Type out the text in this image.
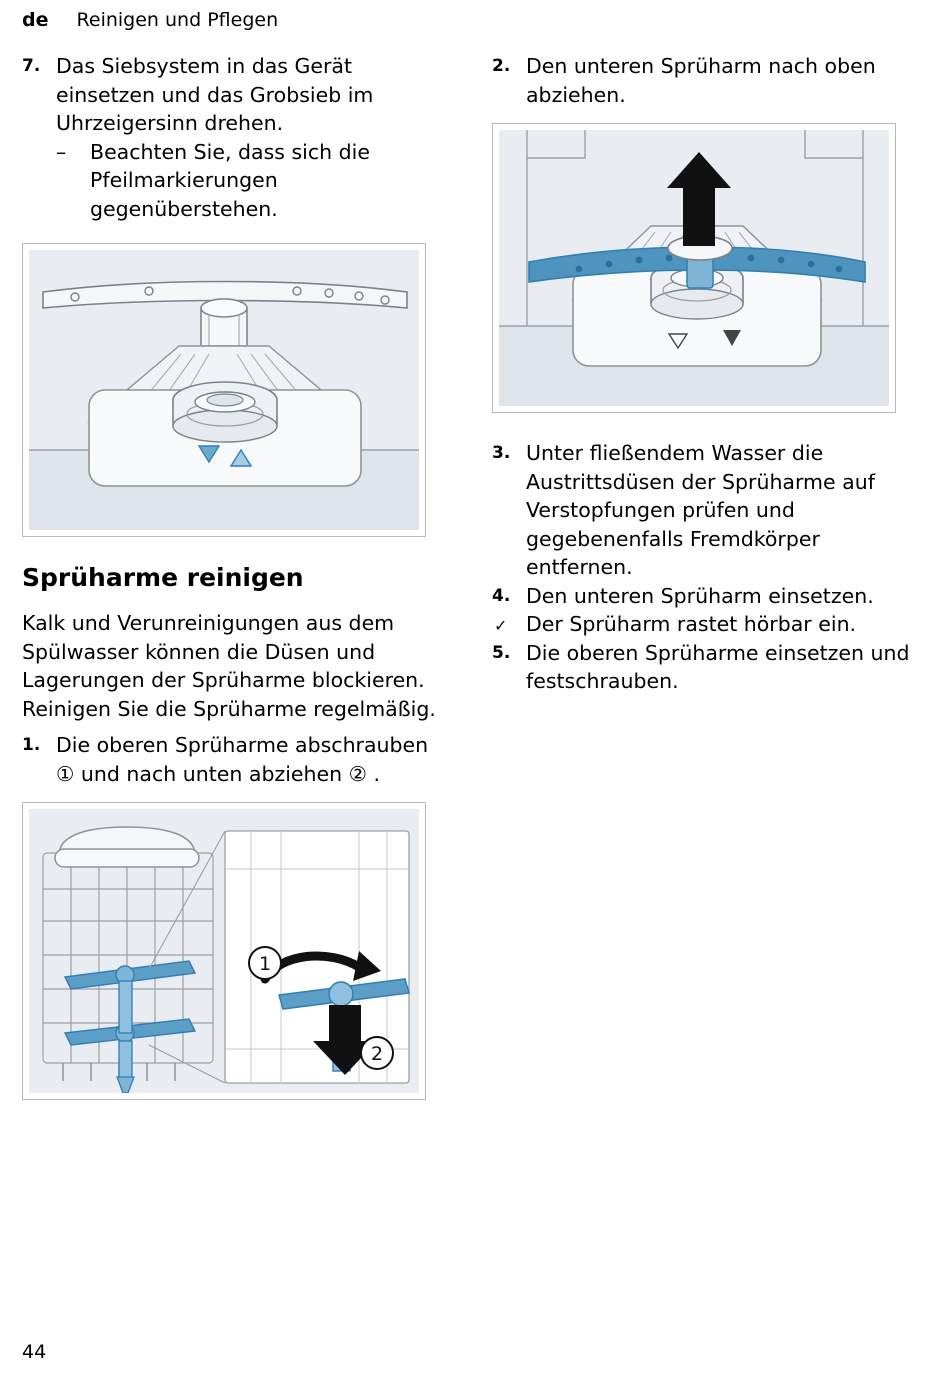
de Reinigen und Pflegen
7. Das Siebsystem in das Gerät einsetzen und das Grobsieb im Uhrzeigersinn drehen.
– Beachten Sie, dass sich die Pfeilmarkierungen gegenüberstehen.
Sprüharme reinigen

Kalk und Verunreinigungen aus dem Spülwasser können die Düsen und Lagerungen der Sprüharme blockieren. Reinigen Sie die Sprüharme regelmäßig.

1. Die oberen Sprüharme abschrauben ① und nach unten abziehen ② .
1
2
2. Den unteren Sprüharm nach oben abziehen.
3. Unter fließendem Wasser die Austrittsdüsen der Sprüharme auf Verstopfungen prüfen und gegebenenfalls Fremdkörper entfernen.
4. Den unteren Sprüharm einsetzen.
✓ Der Sprüharm rastet hörbar ein.
5. Die oberen Sprüharme einsetzen und festschrauben.
44
